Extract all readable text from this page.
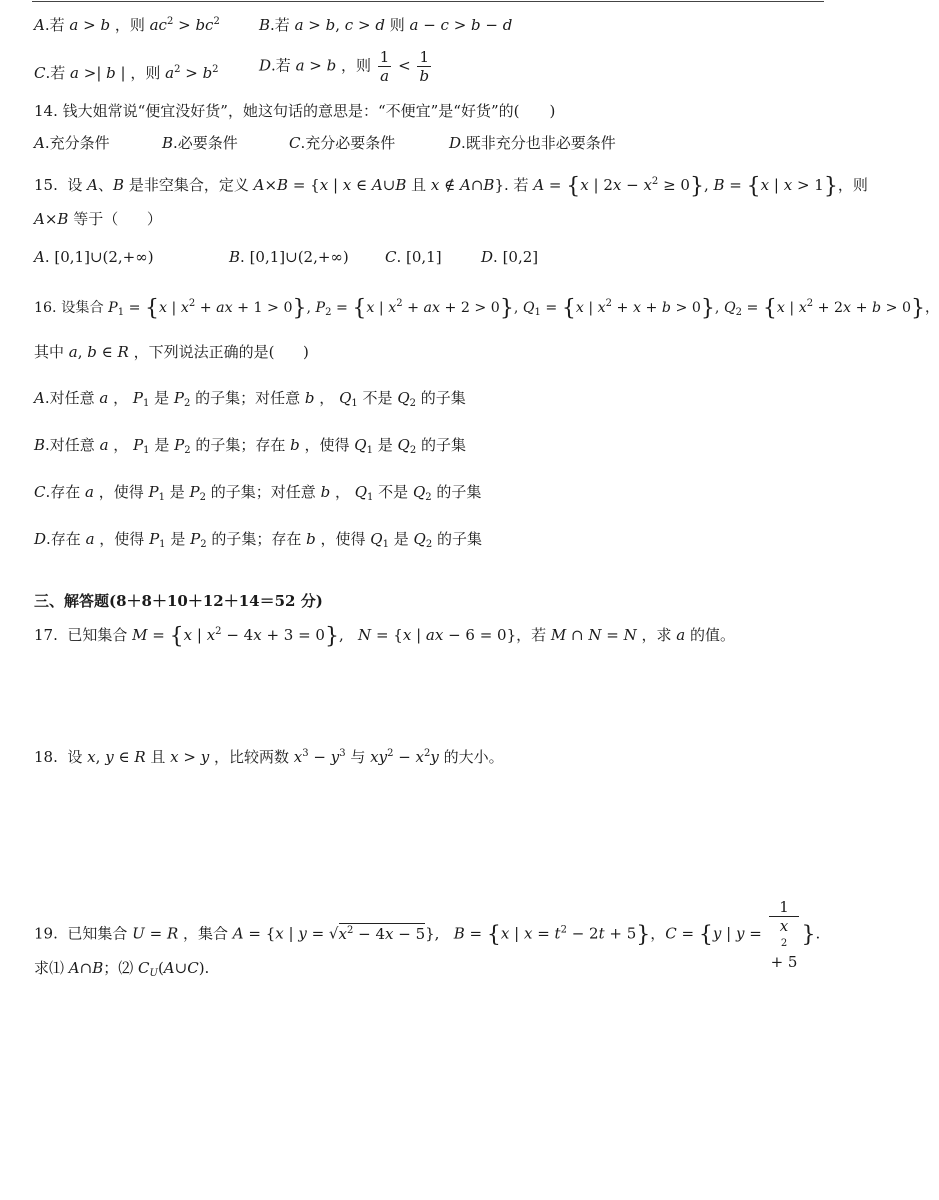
A.若 a > b ，则 $ac^2 > bc^2$	B.若 a > b, c > d 则 a − c > b − d
C.若 a >| b | ，则 $a^2 > b^2$	D.若 a > b ，则 $\frac{1}{a} < \frac{1}{b}$
14. 钱大姐常说“便宜没好货”，她这句话的意思是：“不便宜”是“好货”的(　　)
A.充分条件	B.必要条件	C.充分必要条件	D.既非充分也非必要条件
15.  设 A、B 是非空集合，定义 A×B = {x | x ∈ A∪B 且 x ∉ A∩B}. 若 A = {x | $2x - x^2 \ge 0$}, B = {x | x > 1}，则
A×B 等于（      ）
A. [0,1]∪(2,+∞)	B. [0,1]∪(2,+∞) C. [0,1]	D. [0,2]
16. 设集合 $P_1 = \{x$ | $x^2$ + ax + 1 > 0}, $P_2 = \{x$ | $x^2$ + ax + 2 > 0}, $Q_1 = \{x$ | $x^2 + x + b > 0$}, $Q_2 = \{x$ | $x^2 + 2x + b > 0$}，
其中 a, b ∈ R ，下列说法正确的是(      )
A.对任意 a ， $P_1$ 是 $P_2$ 的子集；对任意 b ， $Q_1$ 不是 $Q_2$ 的子集
B.对任意 a ， $P_1$ 是 $P_2$ 的子集；存在 b ，使得 $Q_1$ 是 $Q_2$ 的子集
C.存在 a ，使得 $P_1$ 是 $P_2$ 的子集；对任意 b ， $Q_1$ 不是 $Q_2$ 的子集
D.存在 a ，使得 $P_1$ 是 $P_2$ 的子集；存在 b ，使得 $Q_1$ 是 $Q_2$ 的子集
三、解答题(8＋8＋10＋12＋14＝52 分)
17.  已知集合 M = {x | $x^2 - 4x + 3 = 0$},   N = {x | ax − 6 = 0}，若 M ∩ N = N ，求 a 的值。
18.  设 x, y ∈ R 且 x > y ，比较两数 $x^3 - y^3$ 与 $xy^2 - x^2y$ 的大小。
19.  已知集合 U = R ，集合 A = {x | $y = √x^2 - 4x - 5$},   B = {x | $x = t^2 - 2t + 5$}，C = {y | y = 1
x
2
+ 5 }.
求⑴ A∩B；⑵ $C_U(A\cup C)$.
